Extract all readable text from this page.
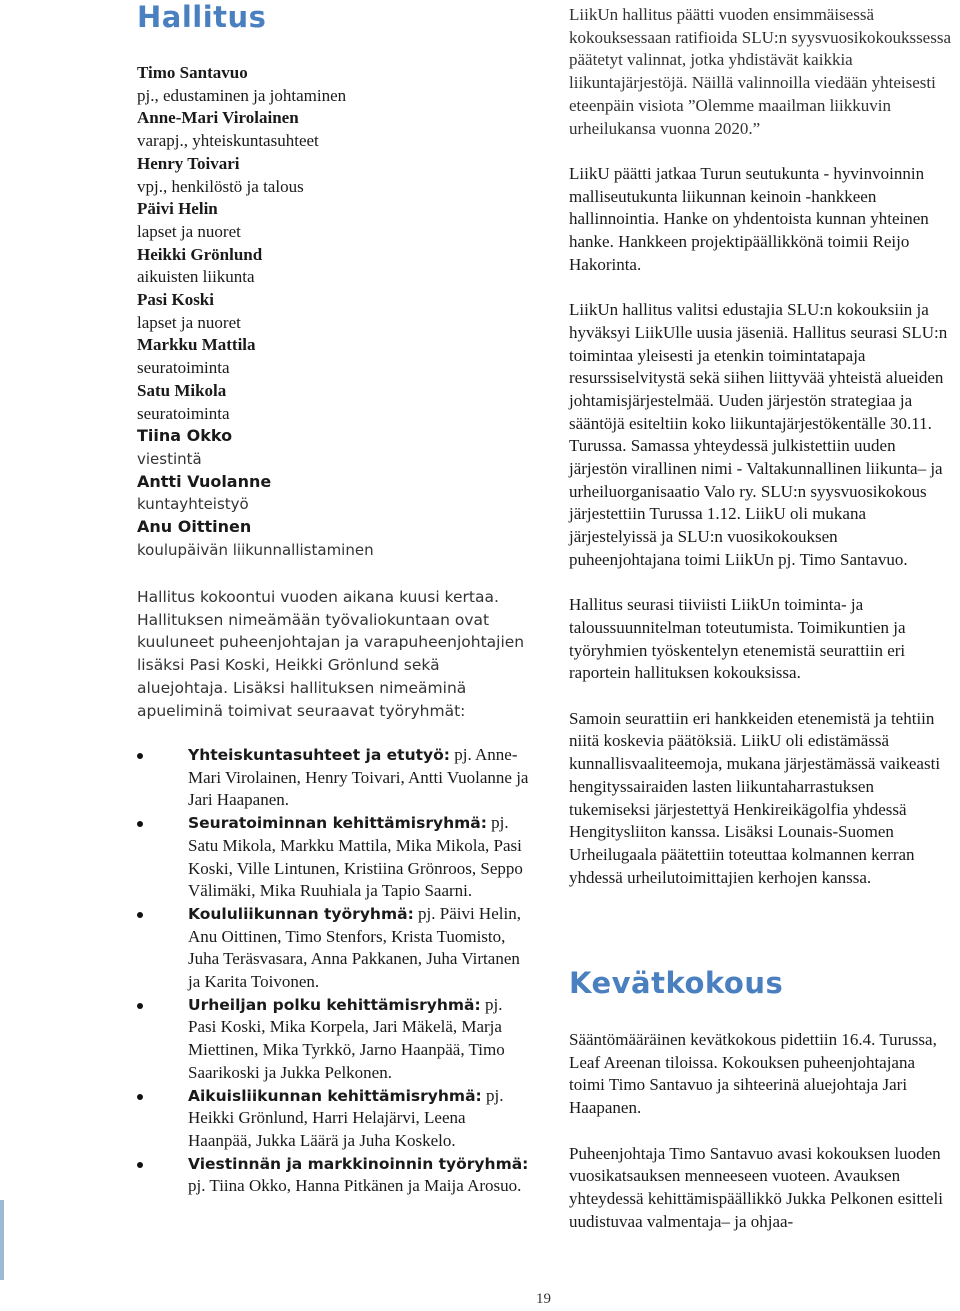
Hallitus
Timo Santavuo
pj., edustaminen ja johtaminen
Anne-Mari Virolainen
varapj., yhteiskuntasuhteet
Henry Toivari
vpj., henkilöstö ja talous
Päivi Helin
lapset ja nuoret
Heikki Grönlund
aikuisten liikunta
Pasi Koski
lapset ja nuoret
Markku Mattila
seuratoiminta
Satu Mikola
seuratoiminta
Tiina Okko
viestintä
Antti Vuolanne
kuntayhteistyö
Anu Oittinen
koulupäivän liikunnallistaminen
Hallitus kokoontui vuoden aikana kuusi kertaa. Hallituksen nimeämään työvaliokuntaan ovat kuuluneet puheenjohtajan ja varapuheenjohtajien lisäksi Pasi Koski, Heikki Grönlund sekä aluejohtaja. Lisäksi hallituksen nimeäminä apueliminä toimivat seuraavat työryhmät:
Yhteiskuntasuhteet ja etutyö: pj. Anne-Mari Virolainen, Henry Toivari, Antti Vuolanne ja Jari Haapanen.
Seuratoiminnan kehittämisryhmä: pj. Satu Mikola, Markku Mattila, Mika Mikola, Pasi Koski, Ville Lintunen, Kristiina Grönroos, Seppo Välimäki, Mika Ruuhiala ja Tapio Saarni.
Koululiikunnan työryhmä: pj. Päivi Helin, Anu Oittinen, Timo Stenfors, Krista Tuomisto, Juha Teräsvasara, Anna Pakkanen, Juha Virtanen ja Karita Toivonen.
Urheiljan polku kehittämisryhmä: pj. Pasi Koski, Mika Korpela, Jari Mäkelä, Marja Miettinen, Mika Tyrkkö, Jarno Haanpää, Timo Saarikoski ja Jukka Pelkonen.
Aikuisliikunnan kehittämisryhmä: pj. Heikki Grönlund, Harri Helajärvi, Leena Haanpää, Jukka Läärä ja Juha Koskelo.
Viestinnän ja markkinoinnin työryhmä: pj. Tiina Okko, Hanna Pitkänen ja Maija Arosuo.

LiikUn hallitus päätti vuoden ensimmäisessä kokouksessaan ratifioida SLU:n syysvuosikokoukssessa päätetyt valinnat, jotka yhdistävät kaikkia liikuntajärjestöjä. Näillä valinnoilla viedään yhteisesti eteenpäin visiota ”Olemme maailman liikkuvin urheilukansa vuonna 2020.”

LiikU päätti jatkaa Turun seutukunta - hyvinvoinnin malliseutukunta liikunnan keinoin -hankkeen hallinnointia. Hanke on yhdentoista kunnan yhteinen hanke. Hankkeen projektipäällikkönä toimii Reijo Hakorinta.

LiikUn hallitus valitsi edustajia SLU:n kokouksiin ja hyväksyi LiikUlle uusia jäseniä. Hallitus seurasi SLU:n toimintaa yleisesti ja etenkin toimintatapaja resurssiselvitystä sekä siihen liittyvää yhteistä alueiden johtamisjärjestelmää. Uuden järjestön strategiaa ja sääntöjä esiteltiin koko liikuntajärjestökentälle 30.11. Turussa. Samassa yhteydessä julkistettiin uuden järjestön virallinen nimi - Valtakunnallinen liikunta– ja urheiluorganisaatio Valo ry. SLU:n syysvuosikokous järjestettiin Turussa 1.12. LiikU oli mukana järjestelyissä ja SLU:n vuosikokouksen puheenjohtajana toimi LiikUn pj. Timo Santavuo.

Hallitus seurasi tiiviisti LiikUn toiminta- ja taloussuunnitelman toteutumista. Toimikuntien ja työryhmien työskentelyn etenemistä seurattiin eri raportein hallituksen kokouksissa.

Samoin seurattiin eri hankkeiden etenemistä ja tehtiin niitä koskevia päätöksiä. LiikU oli edistämässä kunnallisvaaliteemoja, mukana järjestämässä vaikeasti hengityssairaiden lasten liikuntaharrastuksen tukemiseksi järjestettyä Henkireikägolfia yhdessä Hengitysliiton kanssa. Lisäksi Lounais-Suomen Urheilugaala päätettiin toteuttaa kolmannen kerran yhdessä urheilutoimittajien kerhojen kanssa.

Kevätkokous

Sääntömääräinen kevätkokous pidettiin 16.4. Turussa, Leaf Areenan tiloissa. Kokouksen puheenjohtajana toimi Timo Santavuo ja sihteerinä aluejohtaja Jari Haapanen.

Puheenjohtaja Timo Santavuo avasi kokouksen luoden vuosikatsauksen menneeseen vuoteen. Avauksen yhteydessä kehittämispäällikkö Jukka Pelkonen esitteli uudistuvaa valmentaja– ja ohjaa-

19
